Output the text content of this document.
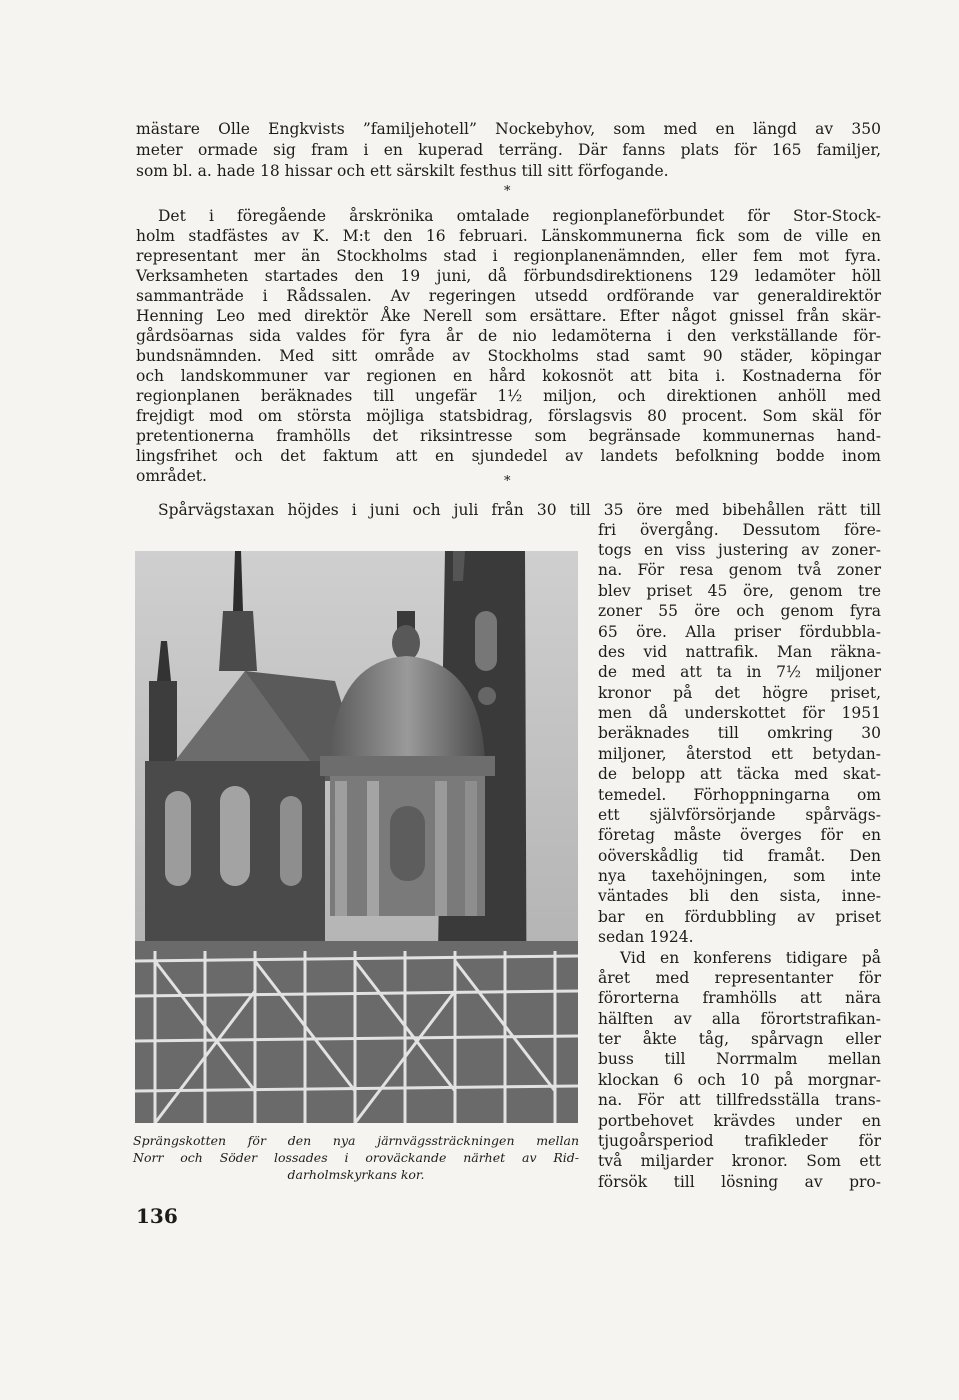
mästare Olle Engkvists ”familjehotell” Nockebyhov, som med en längd av 350
meter ormade sig fram i en kuperad terräng. Där fanns plats för 165 familjer,
som bl. a. hade 18 hissar och ett särskilt festhus till sitt förfogande.
*
Det i föregående årskrönika omtalade regionplaneförbundet för Stor-Stock-
holm stadfästes av K. M:t den 16 februari. Länskommunerna fick som de ville en
representant mer än Stockholms stad i regionplanenämnden, eller fem mot fyra.
Verksamheten startades den 19 juni, då förbundsdirektionens 129 ledamöter höll
sammanträde i Rådssalen. Av regeringen utsedd ordförande var generaldirektör
Henning Leo med direktör Åke Nerell som ersättare. Efter något gnissel från skär-
gårdsöarnas sida valdes för fyra år de nio ledamöterna i den verkställande för-
bundsnämnden. Med sitt område av Stockholms stad samt 90 städer, köpingar
och landskommuner var regionen en hård kokosnöt att bita i. Kostnaderna för
regionplanen beräknades till ungefär 1½ miljon, och direktionen anhöll med
frejdigt mod om största möjliga statsbidrag, förslagsvis 80 procent. Som skäl för
pretentionerna framhölls det riksintresse som begränsade kommunernas hand-
lingsfrihet och det faktum att en sjundedel av landets befolkning bodde inom
området.	*
Spårvägstaxan höjdes i juni och juli från 30 till 35 öre med bibehållen rätt till
Sprängskotten för den nya järnvägssträckningen mellan
Norr och Söder lossades i oroväckande närhet av Rid-
darholmskyrkans kor.
fri övergång. Dessutom före-
togs en viss justering av zoner-
na. För resa genom två zoner
blev priset 45 öre, genom tre
zoner 55 öre och genom fyra
65 öre. Alla priser fördubbla-
des vid nattrafik. Man räkna-
de med att ta in 7½ miljoner
kronor på det högre priset,
men då underskottet för 1951
beräknades till omkring 30
miljoner, återstod ett betydan-
de belopp att täcka med skat-
temedel. Förhoppningarna om
ett självförsörjande spårvägs-
företag måste överges för en
oöverskådlig tid framåt. Den
nya taxehöjningen, som inte
väntades bli den sista, inne-
bar en fördubbling av priset
sedan 1924.
Vid en konferens tidigare på
året med representanter för
förorterna framhölls att nära
hälften av alla förortstrafikan-
ter åkte tåg, spårvagn eller
buss till Norrmalm mellan
klockan 6 och 10 på morgnar-
na. För att tillfredsställa trans-
portbehovet krävdes under en
tjugoårsperiod trafikleder för
två miljarder kronor. Som ett
försök till lösning av pro-
136
